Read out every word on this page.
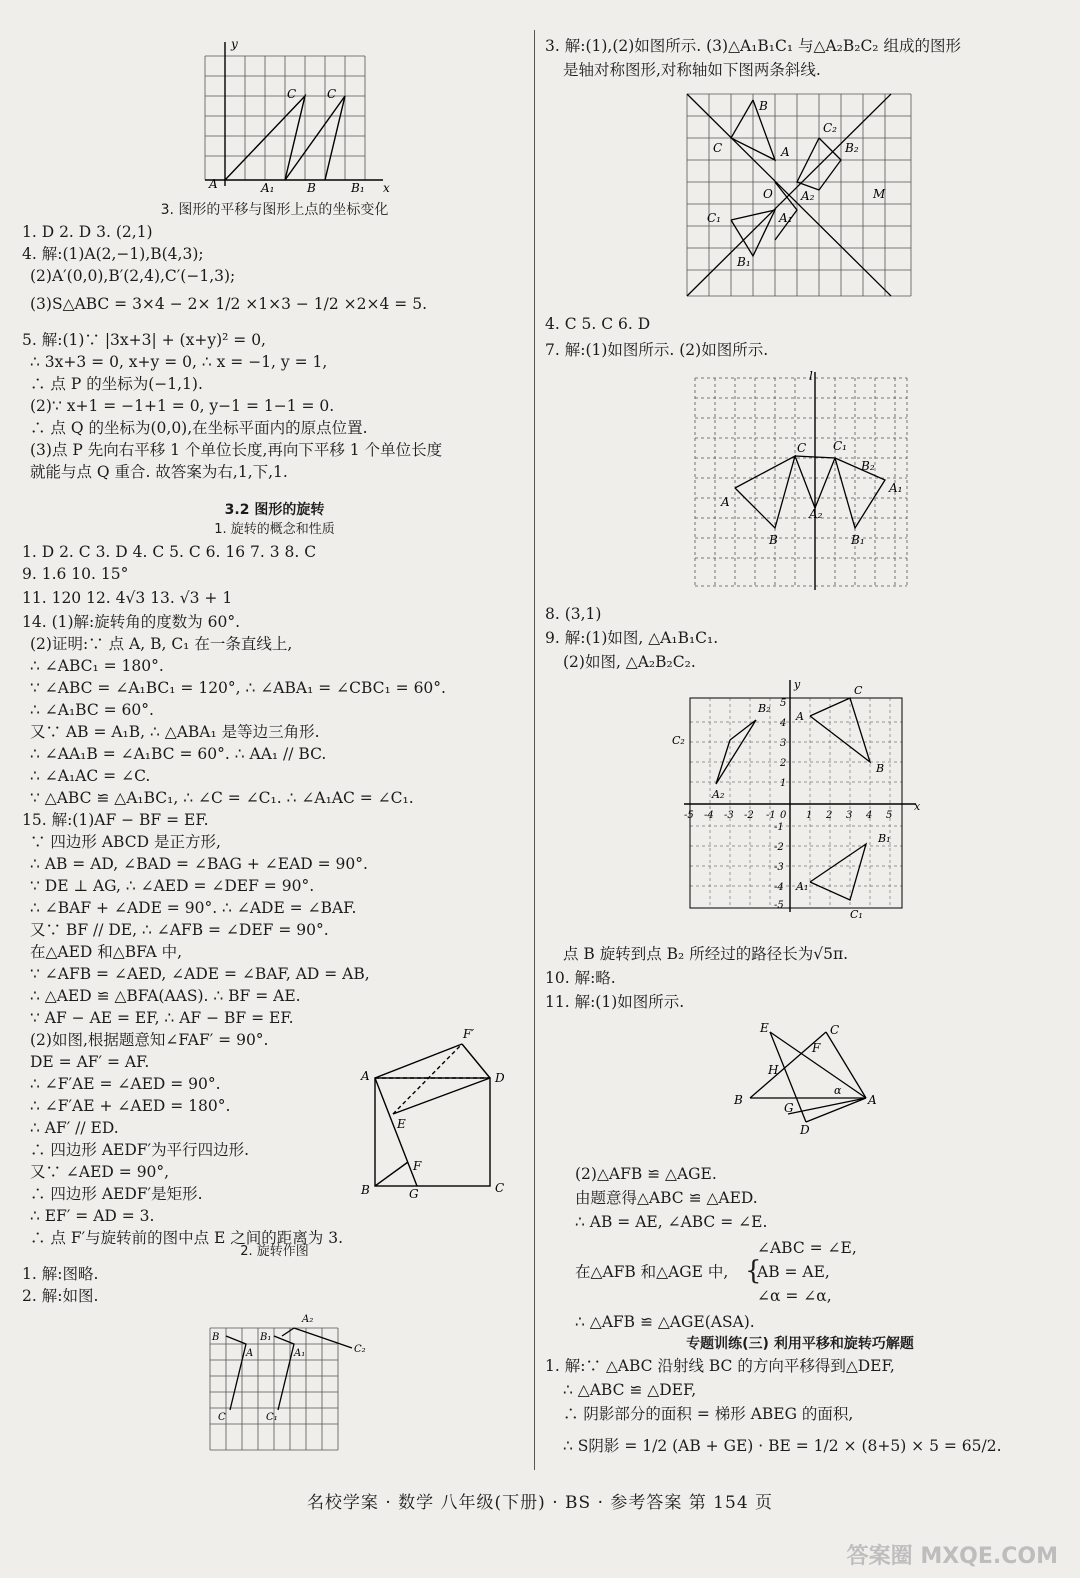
y
x
A	A₁	B	B₁
C	C
3. 图形的平移与图形上点的坐标变化
1. D 2. D 3. (2,1)
4. 解:(1)A(2,−1),B(4,3);
(2)A′(0,0),B′(2,4),C′(−1,3);
(3)S△ABC = 3×4 − 2× 1/2 ×1×3 − 1/2 ×2×4 = 5.
5. 解:(1)∵ |3x+3| + (x+y)² = 0,
∴ 3x+3 = 0, x+y = 0, ∴ x = −1, y = 1,
∴ 点 P 的坐标为(−1,1).
(2)∵ x+1 = −1+1 = 0, y−1 = 1−1 = 0.
∴ 点 Q 的坐标为(0,0),在坐标平面内的原点位置.
(3)点 P 先向右平移 1 个单位长度,再向下平移 1 个单位长度
就能与点 Q 重合. 故答案为右,1,下,1.
3.2 图形的旋转
1. 旋转的概念和性质
1. D 2. C 3. D 4. C 5. C 6. 16 7. 3 8. C
9. 1.6 10. 15°
11. 120 12. 4√3 13. √3 + 1
14. (1)解:旋转角的度数为 60°.
(2)证明:∵ 点 A, B, C₁ 在一条直线上,
∴ ∠ABC₁ = 180°.
∵ ∠ABC = ∠A₁BC₁ = 120°, ∴ ∠ABA₁ = ∠CBC₁ = 60°.
∴ ∠A₁BC = 60°.
又∵ AB = A₁B, ∴ △ABA₁ 是等边三角形.
∴ ∠AA₁B = ∠A₁BC = 60°. ∴ AA₁ // BC.
∴ ∠A₁AC = ∠C.
∵ △ABC ≌ △A₁BC₁, ∴ ∠C = ∠C₁. ∴ ∠A₁AC = ∠C₁.
15. 解:(1)AF − BF = EF.
∵ 四边形 ABCD 是正方形,
∴ AB = AD, ∠BAD = ∠BAG + ∠EAD = 90°.
∵ DE ⊥ AG, ∴ ∠AED = ∠DEF = 90°.
∴ ∠BAF + ∠ADE = 90°. ∴ ∠ADE = ∠BAF.
又∵ BF // DE, ∴ ∠AFB = ∠DEF = 90°.
在△AED 和△BFA 中,
∵ ∠AFB = ∠AED, ∠ADE = ∠BAF, AD = AB,
∴ △AED ≌ △BFA(AAS). ∴ BF = AE.
∵ AF − AE = EF, ∴ AF − BF = EF.
(2)如图,根据题意知∠FAF′ = 90°.
DE = AF′ = AF.
∴ ∠F′AE = ∠AED = 90°.
∴ ∠F′AE + ∠AED = 180°.
∴ AF′ // ED.
∴ 四边形 AEDF′为平行四边形.
又∵ ∠AED = 90°,
∴ 四边形 AEDF′是矩形.
∴ EF′ = AD = 3.
∴ 点 F′与旋转前的图中点 E 之间的距离为 3.
F′
A	D
E
F
B	G	C
2. 旋转作图
1. 解:图略.
2. 解:如图.
A₂
B	B₁
A	A₁	C₂
C	C₁
3. 解:(1),(2)如图所示. (3)△A₁B₁C₁ 与△A₂B₂C₂ 组成的图形
是轴对称图形,对称轴如下图两条斜线.
B
C₂
C	A	B₂
O A₂	M
C₁	A₁
B₁
4. C 5. C 6. D
7. 解:(1)如图所示. (2)如图所示.
l
C C₁
B₂
A
A₁
A₂
B	B₁
8. (3,1)
9. 解:(1)如图, △A₁B₁C₁.
(2)如图, △A₂B₂C₂.
y
x
B₂
C
A
C₂
B
A₂
B₁
A₁
C₁
-5 -4 -3 -2 -1 0 1 2 3 4 5
5
4
3
2
1
-1
-2
-3
-4
-5
点 B 旋转到点 B₂ 所经过的路径长为√5π.
10. 解:略.
11. 解:(1)如图所示.
E	C
F
H
α
B
G
A
D
(2)△AFB ≌ △AGE.
由题意得△ABC ≌ △AED.
∴ AB = AE, ∠ABC = ∠E.
在△AFB 和△AGE 中, {
∠ABC = ∠E,
AB = AE,
∠α = ∠α,
∴ △AFB ≌ △AGE(ASA).
专题训练(三) 利用平移和旋转巧解题
1. 解:∵ △ABC 沿射线 BC 的方向平移得到△DEF,
∴ △ABC ≌ △DEF,
∴ 阴影部分的面积 = 梯形 ABEG 的面积,
∴ S阴影 = 1/2 (AB + GE) · BE = 1/2 × (8+5) × 5 = 65/2.
名校学案 · 数学 八年级(下册) · BS · 参考答案 第 154 页
答案圈 MXQE.COM
